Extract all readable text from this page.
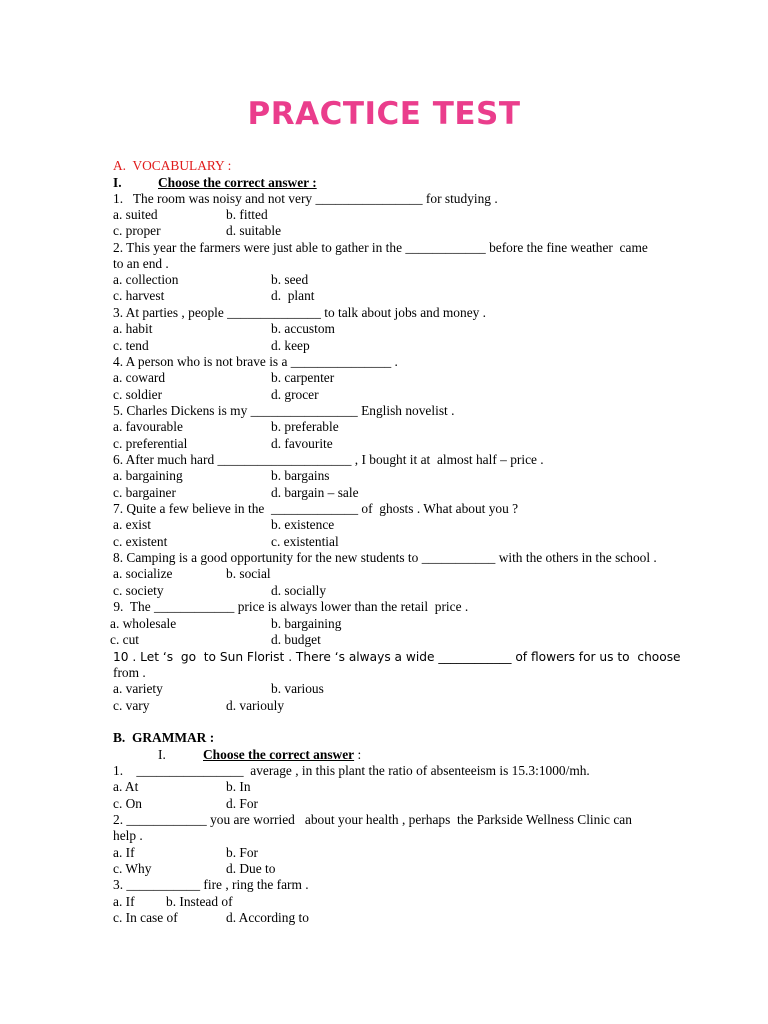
PRACTICE TEST
A.  VOCABULARY :
I.	Choose the correct answer :
1.   The room was noisy and not very ________________ for studying .
a. suited	b. fitted
c. proper	d. suitable
2. This year the farmers were just able to gather in the ____________ before the fine weather  came
to an end .
a. collection	b. seed
c. harvest	d.  plant
3. At parties , people ______________ to talk about jobs and money .
a. habit	b. accustom
c. tend	d. keep
4. A person who is not brave is a _______________ .
a. coward	b. carpenter
c. soldier	d. grocer
5. Charles Dickens is my ________________ English novelist .
a. favourable	b. preferable
c. preferential	d. favourite
6. After much hard ____________________ , I bought it at  almost half – price .
a. bargaining	b. bargains
c. bargainer	d. bargain – sale
7. Quite a few believe in the  _____________ of  ghosts . What about you ?
a. exist	b. existence
c. existent	c. existential
8. Camping is a good opportunity for the new students to ___________ with the others in the school .
a. socialize	b. social
c. society	d. socially
9.  The ____________ price is always lower than the retail  price .
a. wholesale	b. bargaining
c. cut	d. budget
10 . Let ‘s  go  to Sun Florist . There ‘s always a wide ____________ of flowers for us to  choose
from .
a. variety	b. various
c. vary	d. variouly
B.  GRAMMAR :
I.	Choose the correct answer :
1.    ________________  average , in this plant the ratio of absenteeism is 15.3:1000/mh.
a. At	b. In
c. On	d. For
2. ____________ you are worried   about your health , perhaps  the Parkside Wellness Clinic can
help .
a. If	b. For
c. Why	d. Due to
3. ___________ fire , ring the farm .
a. If b. Instead of
c. In case of	d. According to
